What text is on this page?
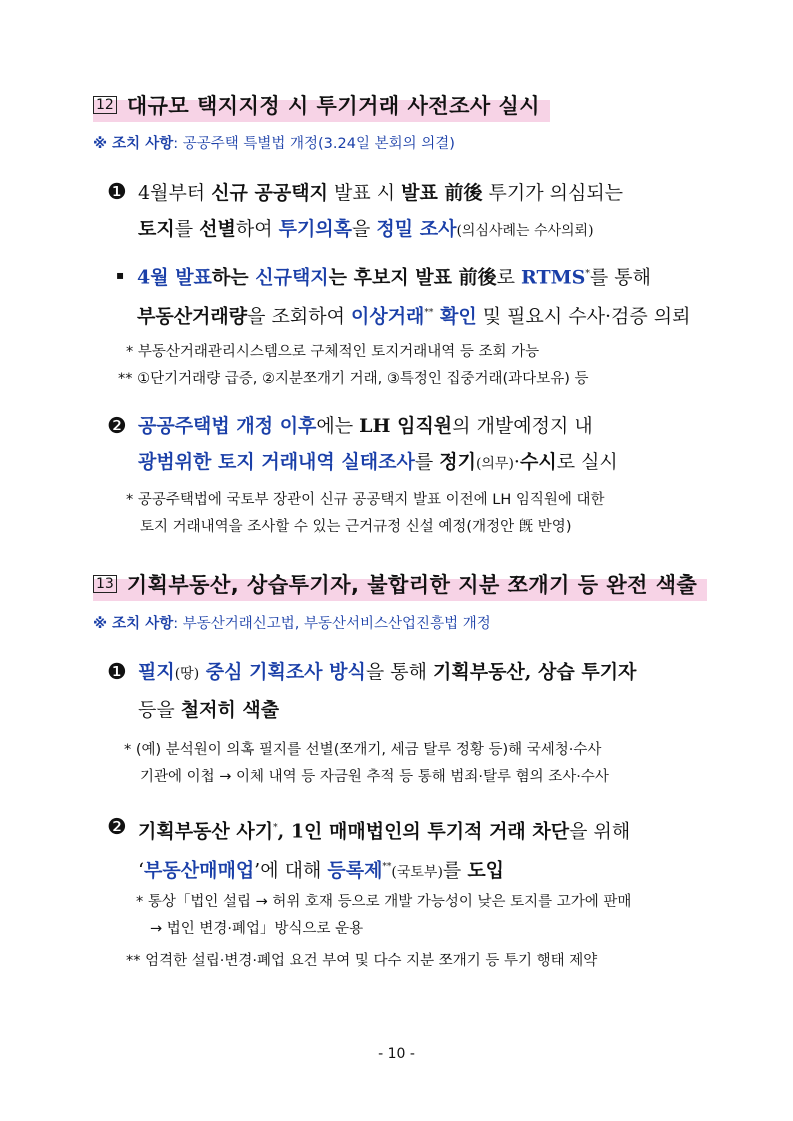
12 대규모 택지지정 시 투기거래 사전조사 실시
※ 조치 사항: 공공주택 특별법 개정(3.24일 본회의 의결)
❶ 4월부터 신규 공공택지 발표 시 발표 前後 투기가 의심되는
토지를 선별하여 투기의혹을 정밀 조사(의심사례는 수사의뢰)
▪ 4월 발표하는 신규택지는 후보지 발표 前後로 RTMS*를 통해
부동산거래량을 조회하여 이상거래** 확인 및 필요시 수사·검증 의뢰
* 부동산거래관리시스템으로 구체적인 토지거래내역 등 조회 가능
** ①단기거래량 급증, ②지분쪼개기 거래, ③특정인 집중거래(과다보유) 등
❷ 공공주택법 개정 이후에는 LH 임직원의 개발예정지 내
광범위한 토지 거래내역 실태조사를 정기(의무)·수시로 실시
* 공공주택법에 국토부 장관이 신규 공공택지 발표 이전에 LH 임직원에 대한
토지 거래내역을 조사할 수 있는 근거규정 신설 예정(개정안 旣 반영)
13 기획부동산, 상습투기자, 불합리한 지분 쪼개기 등 완전 색출
※ 조치 사항: 부동산거래신고법, 부동산서비스산업진흥법 개정
❶ 필지(땅) 중심 기획조사 방식을 통해 기획부동산, 상습 투기자
등을 철저히 색출
* (예) 분석원이 의혹 필지를 선별(쪼개기, 세금 탈루 정황 등)해 국세청·수사
기관에 이첩 → 이체 내역 등 자금원 추적 등 통해 범죄·탈루 혐의 조사·수사
❷ 기획부동산 사기*, 1인 매매법인의 투기적 거래 차단을 위해
‘부동산매매업’에 대해 등록제**(국토부)를 도입
* 통상「법인 설립 → 허위 호재 등으로 개발 가능성이 낮은 토지를 고가에 판매
→ 법인 변경·폐업」방식으로 운용
** 엄격한 설립·변경·폐업 요건 부여 및 다수 지분 쪼개기 등 투기 행태 제약
- 10 -
